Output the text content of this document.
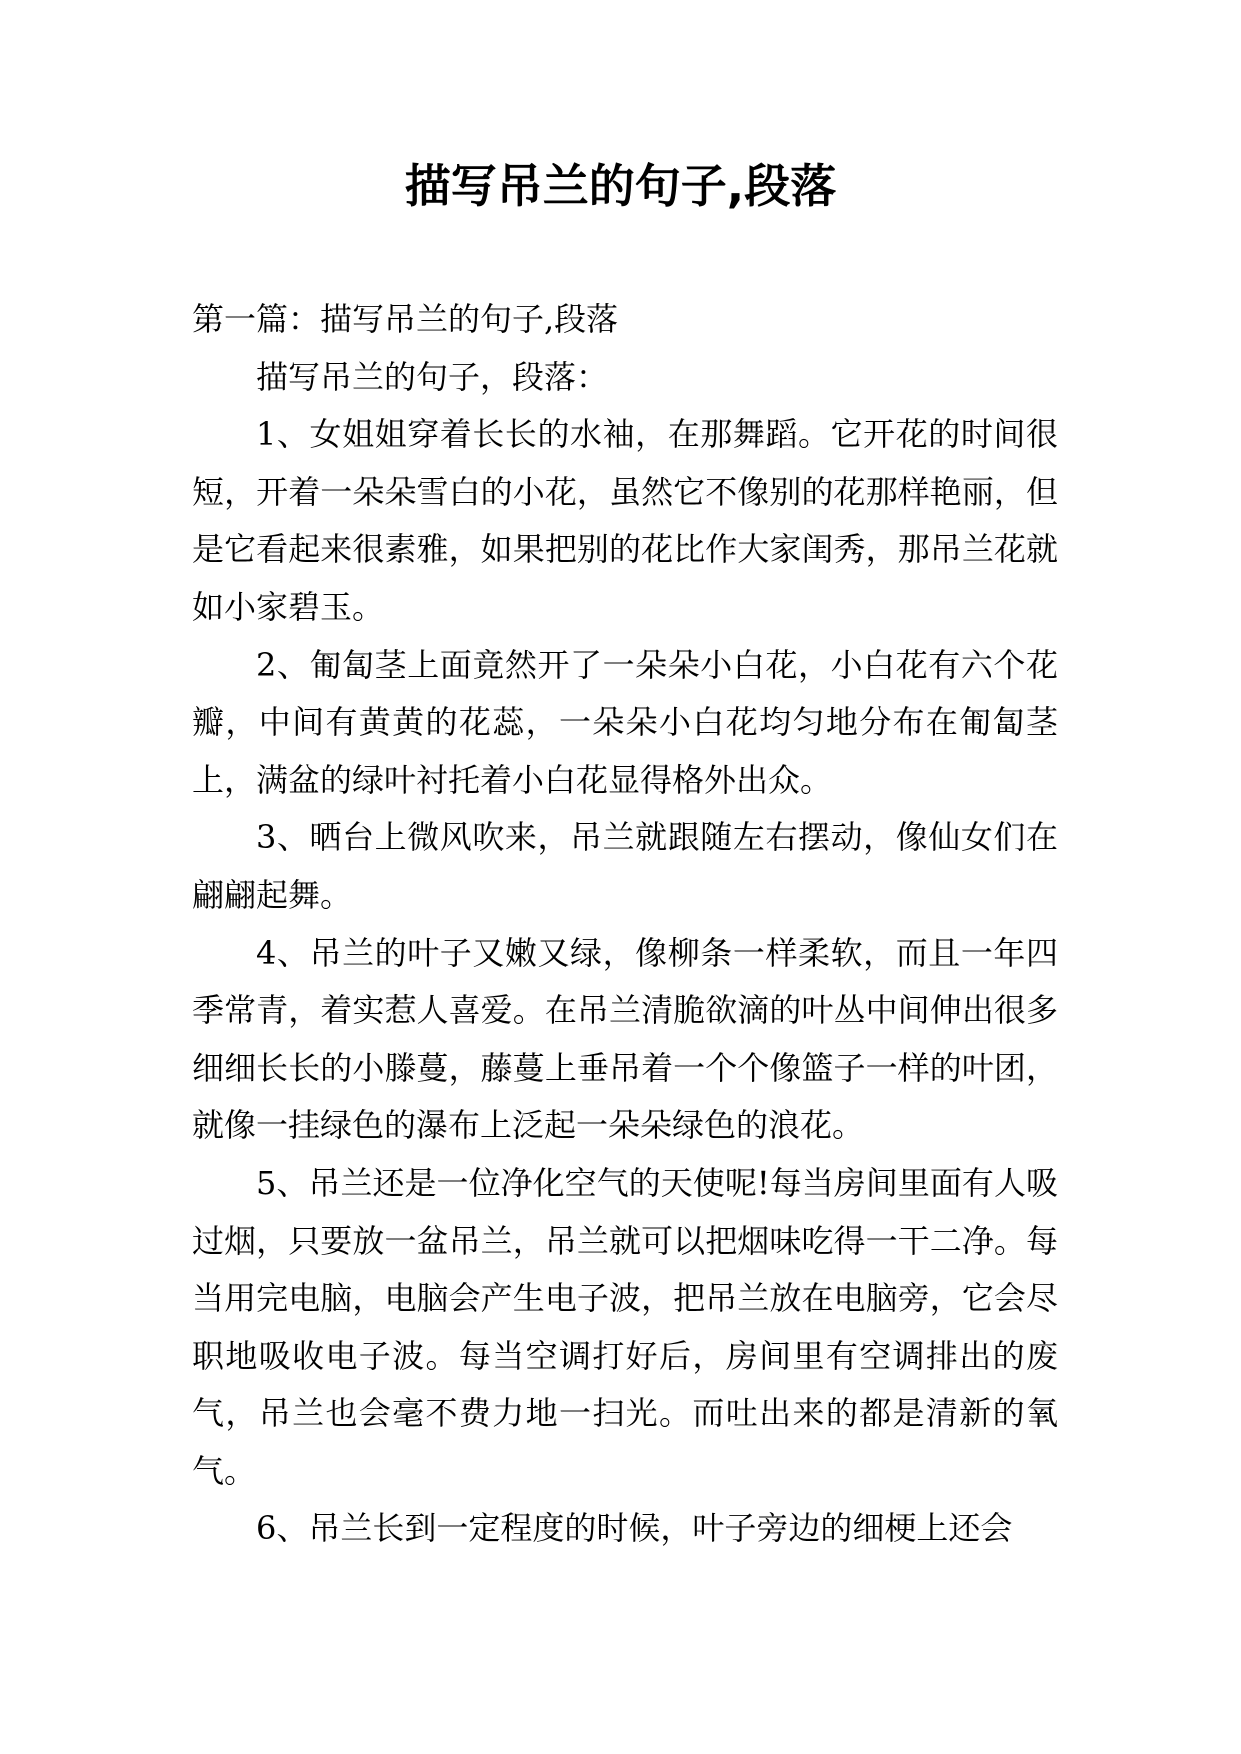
描写吊兰的句子,段落

第一篇：描写吊兰的句子,段落

描写吊兰的句子，段落：

1、女姐姐穿着长长的水袖，在那舞蹈。它开花的时间很短，开着一朵朵雪白的小花，虽然它不像别的花那样艳丽，但是它看起来很素雅，如果把别的花比作大家闺秀，那吊兰花就如小家碧玉。

2、匍匐茎上面竟然开了一朵朵小白花，小白花有六个花瓣，中间有黄黄的花蕊，一朵朵小白花均匀地分布在匍匐茎上，满盆的绿叶衬托着小白花显得格外出众。

3、晒台上微风吹来，吊兰就跟随左右摆动，像仙女们在翩翩起舞。

4、吊兰的叶子又嫩又绿，像柳条一样柔软，而且一年四季常青，着实惹人喜爱。在吊兰清脆欲滴的叶丛中间伸出很多细细长长的小滕蔓，藤蔓上垂吊着一个个像篮子一样的叶团，就像一挂绿色的瀑布上泛起一朵朵绿色的浪花。

5、吊兰还是一位净化空气的天使呢!每当房间里面有人吸过烟，只要放一盆吊兰，吊兰就可以把烟味吃得一干二净。每当用完电脑，电脑会产生电子波，把吊兰放在电脑旁，它会尽职地吸收电子波。每当空调打好后，房间里有空调排出的废气，吊兰也会毫不费力地一扫光。而吐出来的都是清新的氧气。

6、吊兰长到一定程度的时候，叶子旁边的细梗上还会
